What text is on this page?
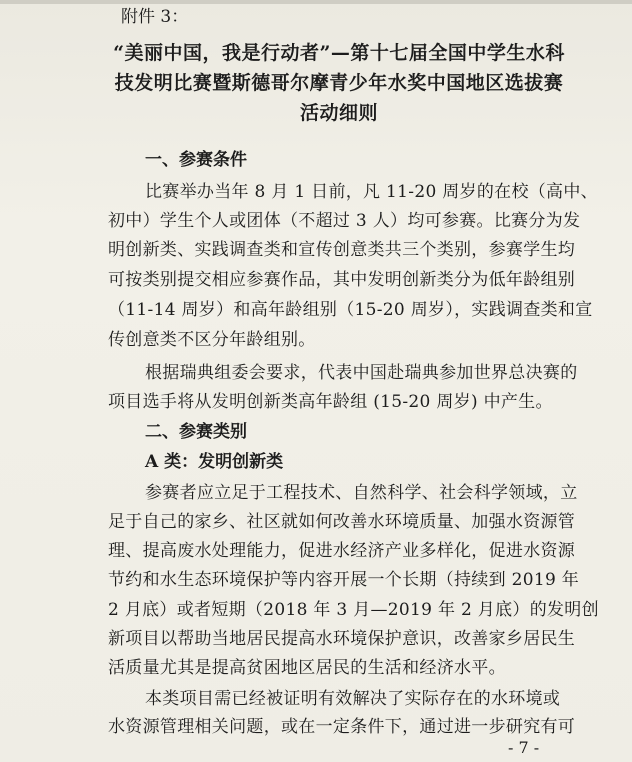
附件 3：
“美丽中国，我是行动者”—第十七届全国中学生水科
技发明比赛暨斯德哥尔摩青少年水奖中国地区选拔赛
活动细则
一、参赛条件
比赛举办当年 8 月 1 日前，凡 11-20 周岁的在校（高中、
初中）学生个人或团体（不超过 3 人）均可参赛。比赛分为发
明创新类、实践调查类和宣传创意类共三个类别，参赛学生均
可按类别提交相应参赛作品，其中发明创新类分为低年龄组别
（11-14 周岁）和高年龄组别（15-20 周岁），实践调查类和宣
传创意类不区分年龄组别。
根据瑞典组委会要求，代表中国赴瑞典参加世界总决赛的
项目选手将从发明创新类高年龄组 (15-20 周岁) 中产生。
二、参赛类别
A 类：发明创新类
参赛者应立足于工程技术、自然科学、社会科学领域，立
足于自己的家乡、社区就如何改善水环境质量、加强水资源管
理、提高废水处理能力，促进水经济产业多样化，促进水资源
节约和水生态环境保护等内容开展一个长期（持续到 2019 年
2 月底）或者短期（2018 年 3 月—2019 年 2 月底）的发明创
新项目以帮助当地居民提高水环境保护意识，改善家乡居民生
活质量尤其是提高贫困地区居民的生活和经济水平。
本类项目需已经被证明有效解决了实际存在的水环境或
水资源管理相关问题，或在一定条件下，通过进一步研究有可
- 7 -
